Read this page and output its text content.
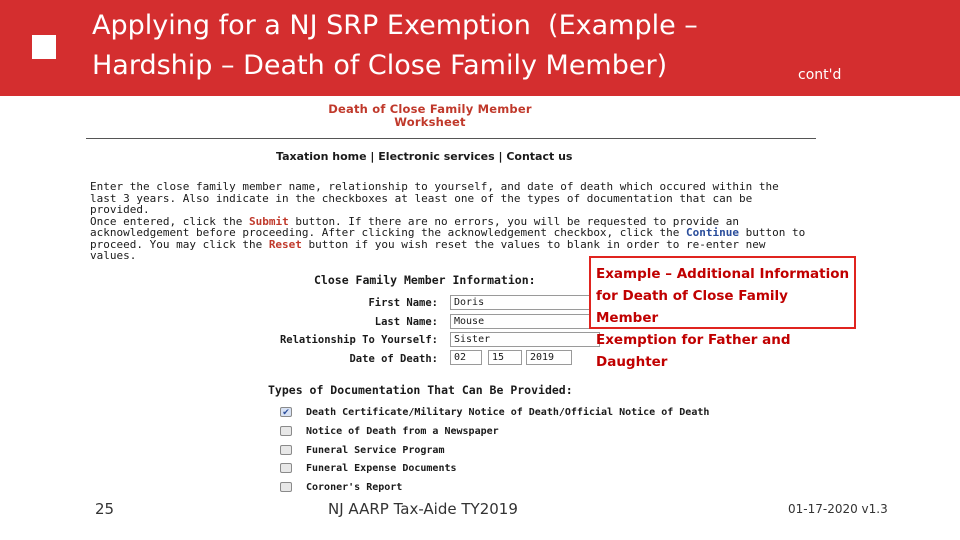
Applying for a NJ SRP Exemption  (Example –
Hardship – Death of Close Family Member)	cont'd
Death of Close Family Member
Worksheet
Taxation home | Electronic services | Contact us
Enter the close family member name, relationship to yourself, and date of death which occured within the last 3 years. Also indicate in the checkboxes at least one of the types of documentation that can be provided.
Once entered, click the Submit button. If there are no errors, you will be requested to provide an acknowledgement before proceeding. After clicking the acknowledgement checkbox, click the Continue button to proceed. You may click the Reset button if you wish reset the values to blank in order to re-enter new values.
Close Family Member Information:
First Name:	Doris
Last Name:	Mouse
Relationship To Yourself:	Sister
Date of Death:	02	15	2019
Types of Documentation That Can Be Provided:
✔ Death Certificate/Military Notice of Death/Official Notice of Death
Notice of Death from a Newspaper
Funeral Service Program
Funeral Expense Documents
Coroner's Report
Example – Additional Information
for Death of Close Family Member
Exemption for Father and Daughter
25	NJ AARP Tax-Aide TY2019	01-17-2020 v1.3
